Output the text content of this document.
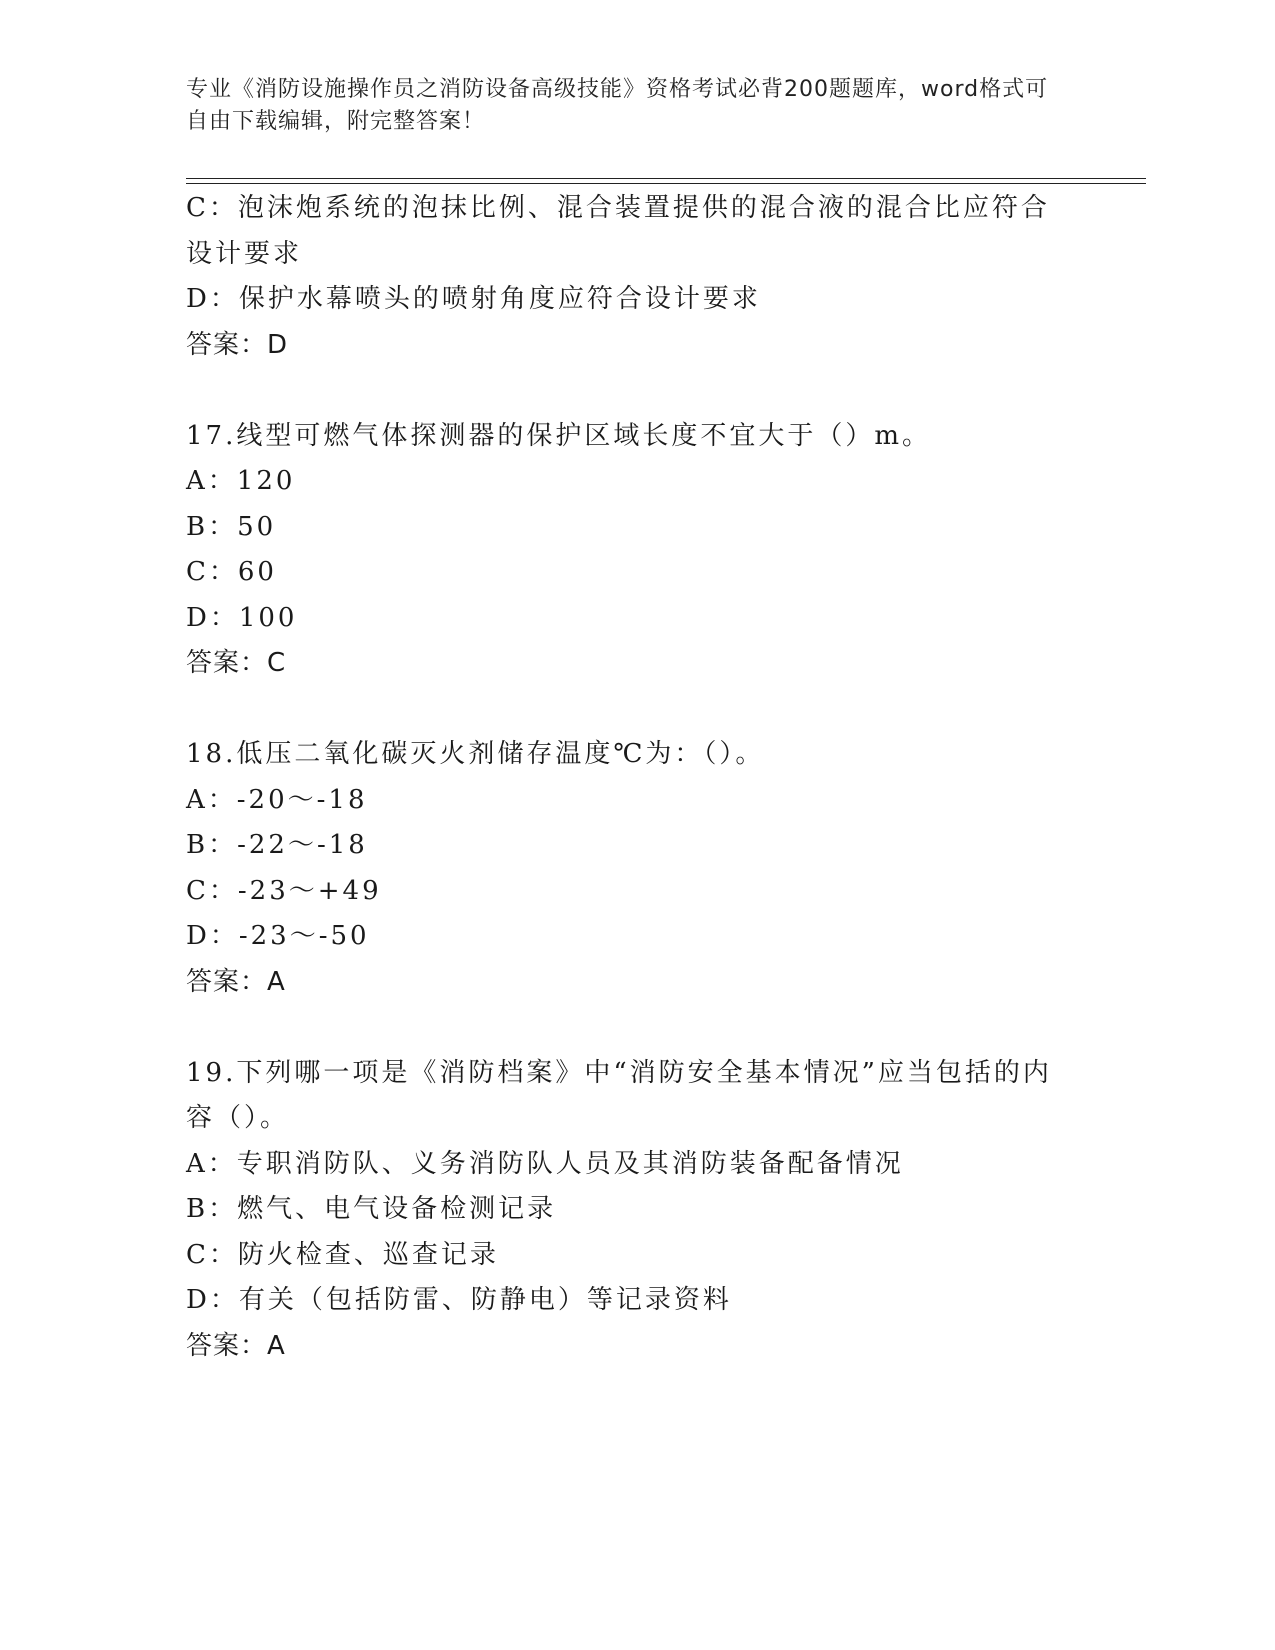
专业《消防设施操作员之消防设备高级技能》资格考试必背200题题库，word格式可自由下载编辑，附完整答案！
C：泡沫炮系统的泡抹比例、混合装置提供的混合液的混合比应符合设计要求
D：保护水幕喷头的喷射角度应符合设计要求
答案：D
17.线型可燃气体探测器的保护区域长度不宜大于（）m。
A：120
B：50
C：60
D：100
答案：C
18.低压二氧化碳灭火剂储存温度℃为：（）。
A：-20～-18
B：-22～-18
C：-23～+49
D：-23～-50
答案：A
19.下列哪一项是《消防档案》中“消防安全基本情况”应当包括的内容（）。
A：专职消防队、义务消防队人员及其消防装备配备情况
B：燃气、电气设备检测记录
C：防火检查、巡查记录
D：有关（包括防雷、防静电）等记录资料
答案：A
